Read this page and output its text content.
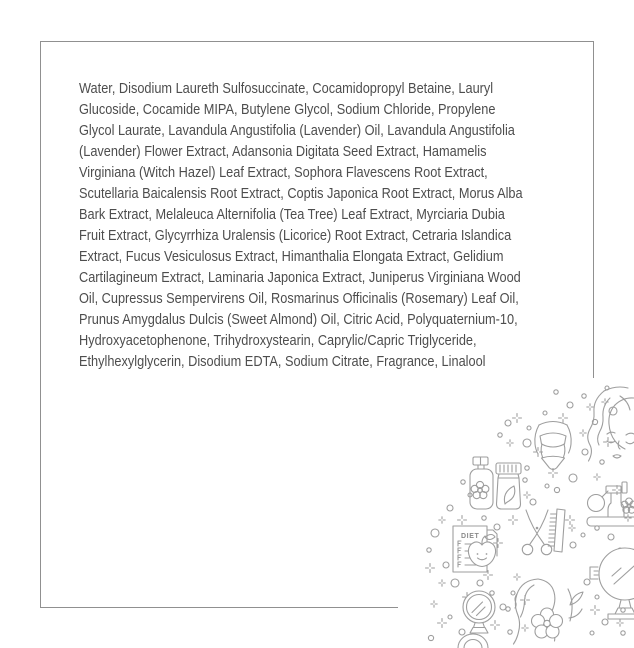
Water, Disodium Laureth Sulfosuccinate, Cocamidopropyl Betaine, Lauryl
Glucoside, Cocamide MIPA, Butylene Glycol, Sodium Chloride, Propylene
Glycol Laurate, Lavandula Angustifolia (Lavender) Oil, Lavandula Angustifolia
(Lavender) Flower Extract, Adansonia Digitata Seed Extract, Hamamelis
Virginiana (Witch Hazel) Leaf Extract, Sophora Flavescens Root Extract,
Scutellaria Baicalensis Root Extract, Coptis Japonica Root Extract, Morus Alba
Bark Extract, Melaleuca Alternifolia (Tea Tree) Leaf Extract, Myrciaria Dubia
Fruit Extract, Glycyrrhiza Uralensis (Licorice) Root Extract, Cetraria Islandica
Extract, Fucus Vesiculosus Extract, Himanthalia Elongata Extract, Gelidium
Cartilagineum Extract, Laminaria Japonica Extract, Juniperus Virginiana Wood
Oil, Cupressus Sempervirens Oil, Rosmarinus Officinalis (Rosemary) Leaf Oil,
Prunus Amygdalus Dulcis (Sweet Almond) Oil, Citric Acid, Polyquaternium-10,
Hydroxyacetophenone, Trihydroxystearin, Caprylic/Capric Triglyceride,
Ethylhexylglycerin, Disodium EDTA, Sodium Citrate, Fragrance, Linalool
DIET
